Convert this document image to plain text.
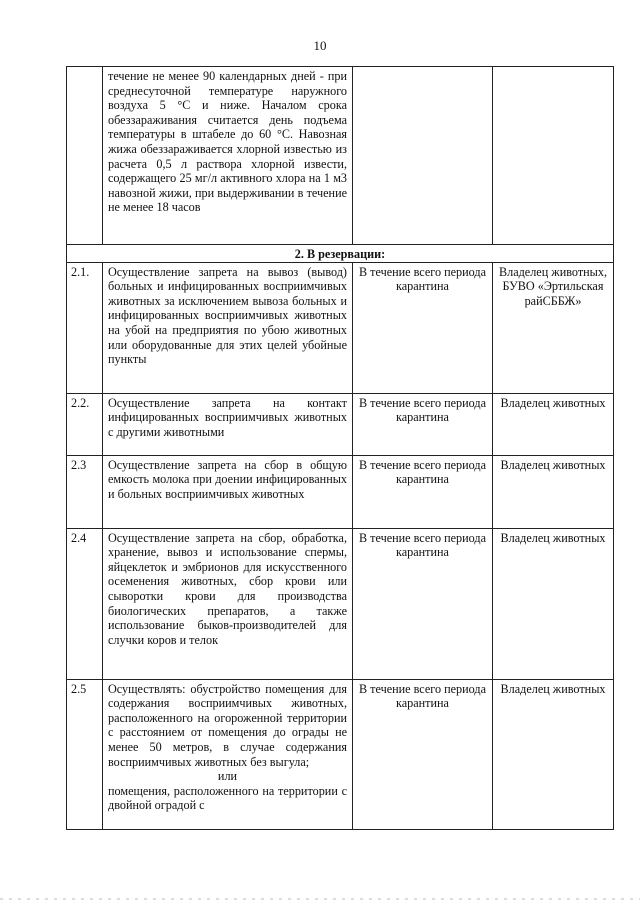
10

	течение не менее 90 календарных дней - при среднесуточной температуре наружного воздуха 5 °С и ниже. Началом срока обеззараживания считается день подъема температуры в штабеле до 60 °С. Навозная жижа обеззараживается хлорной известью из расчета 0,5 л раствора хлорной извести, содержащего 25 мг/л активного хлора на 1 м3 навозной жижи, при выдерживании в течение не менее 18 часов		

2. В резервации:			
2.1.	Осуществление запрета на вывоз (вывод) больных и инфицированных восприимчивых животных за исключением вывоза больных и инфицированных восприимчивых животных на убой на предприятия по убою животных или оборудованные для этих целей убойные пункты	В течение всего периода карантина	Владелец животных, БУВО «Эртильская райСББЖ»
2.2.	Осуществление запрета на контакт инфицированных восприимчивых животных с другими животными	В течение всего периода карантина	Владелец животных
2.3	Осуществление запрета на сбор в общую емкость молока при доении инфицированных и больных восприимчивых животных	В течение всего периода карантина	Владелец животных
2.4	Осуществление запрета на сбор, обработка, хранение, вывоз и использование спермы, яйцеклеток и эмбрионов для искусственного осеменения животных, сбор крови или сыворотки крови для производства биологических препаратов, а также использование быков-производителей для случки коров и телок	В течение всего периода карантина	Владелец животных
2.5	Осуществлять: обустройство помещения для содержания восприимчивых животных, расположенного на огороженной территории с расстоянием от помещения до ограды не менее 50 метров, в случае содержания восприимчивых животных без выгула;
или
помещения, расположенного на территории с двойной оградой с	В течение всего периода карантина	Владелец животных
